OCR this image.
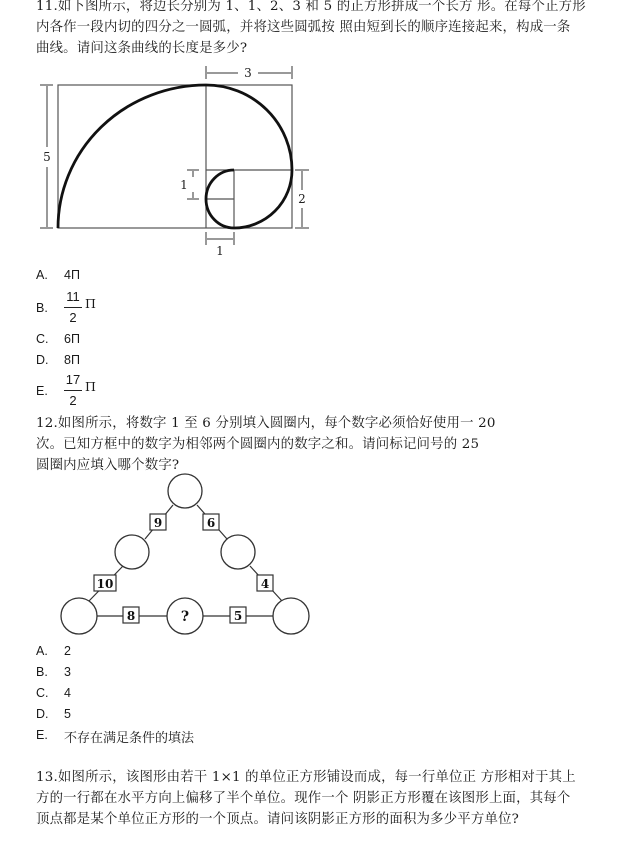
11.如下图所示，将边长分别为 1、1、2、3 和 5 的正方形拼成一个长方 形。在每个正方形
内各作一段内切的四分之一圆弧，并将这些圆弧按 照由短到长的顺序连接起来，构成一条
曲线。请问这条曲线的长度是多少?
3
5
1
2
1
A. 4Π
B. $\frac{11}{2}$ Π
C. 6Π
D. 8Π
E. $\frac{17}{2}$ Π
12.如图所示，将数字 1 至 6 分别填入圆圈内，每个数字必须恰好使用一 20
次。已知方框中的数字为相邻两个圆圈内的数字之和。请问标记问号的 25
圆圈内应填入哪个数字?
9	6
10	4
8	5
?
A. 2
B. 3
C. 4
D. 5
E. 不存在满足条件的填法
13.如图所示，该图形由若干 1×1 的单位正方形铺设而成，每一行单位正 方形相对于其上
方的一行都在水平方向上偏移了半个单位。现作一个 阴影正方形覆在该图形上面，其每个
顶点都是某个单位正方形的一个顶点。请问该阴影正方形的面积为多少平方单位?
